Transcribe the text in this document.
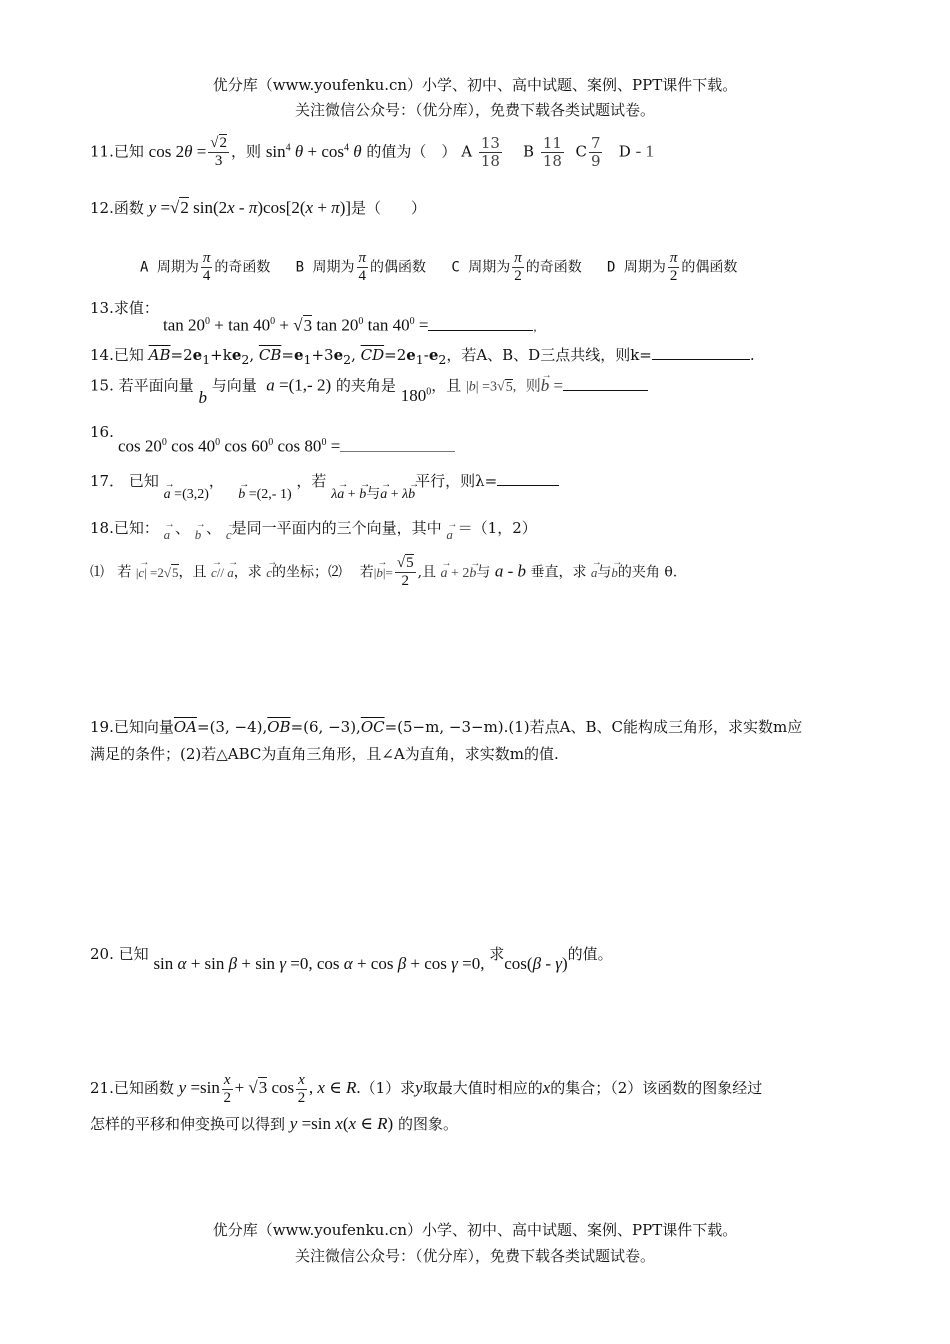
优分库（www.youfenku.cn）小学、初中、高中试题、案例、PPT课件下载。
关注微信公众号：（优分库），免费下载各类试题试卷。
11.已知 $\cos 2\theta = \frac{√2}{3}$ ，则 $\sin^4 \theta + \cos^4 \theta$ 的值为（　） A $\frac{13}{18}$ B $\frac{11}{18}$ C $\frac{7}{9}$ D - 1
12.函数 y =√2 sin(2x - π)cos[2(x + π)]是（　　）
A 周期为 $\frac{\pi}{4}$ 的奇函数 B 周期为 $\frac{\pi}{4}$ 的偶函数 C 周期为 $\frac{\pi}{2}$ 的奇函数 D 周期为 $\frac{\pi}{2}$ 的偶函数
13.求值：
$\tan 20^0 + \tan 40^0 + √3$ $\tan 20^0$ $\tan 40^0$ =	,
14.已知 $\overline{AB}=2e_1+ke_2$, $\overline{CB}=e_1+3e_2$, $\overline{CD}=2e_1-e_2$，若A、B、D三点共线，则k=	.
15. 若平面向量 b 与向量 a =(1,- 2) 的夹角是 $180^0$，且 |b| =3√5, 则→ b =
16.
$\cos 20^0$ $\cos 40^0$ $\cos 60^0$ $\cos 80^0$ =
17． 已知 → a =(3,2)，   → b =(2,- 1) ，若 λ→ a + → b与→ a + λ→ b平行，则λ=
18.已知： → a 、 → b 、 → c是同一平面内的三个向量，其中 → a ＝（1，2）
⑴ 若 |→ c| =2√5，且 → c// → a，求 → c的坐标；⑵ 若|→ $b|= \frac{√5}{2}$ ,且 → a + 2→ b与 a - b 垂直，求 → a与→ b的夹角 θ.
19.已知向量$\overline{OA}=(3$, $-4),\overline{OB}=(6$, $-3),\overline{OC}=(5-m$, −3−m).(1)若点A、B、C能构成三角形，求实数m应
满足的条件；(2)若△ABC为直角三角形，且∠A为直角，求实数m的值.
20. 已知 sin α + sin β + sin γ =0, cos α + cos β + cos γ =0, 求cos(β - γ)的值。
21.已知函数 $y =\sin \frac{x}{2} + √3$ $\cos \frac{x}{2}$ , x ∈ R.（1）求y取最大值时相应的x的集合；（2）该函数的图象经过
怎样的平移和伸变换可以得到 y =sin x(x ∈ R) 的图象。
优分库（www.youfenku.cn）小学、初中、高中试题、案例、PPT课件下载。
关注微信公众号：（优分库），免费下载各类试题试卷。
